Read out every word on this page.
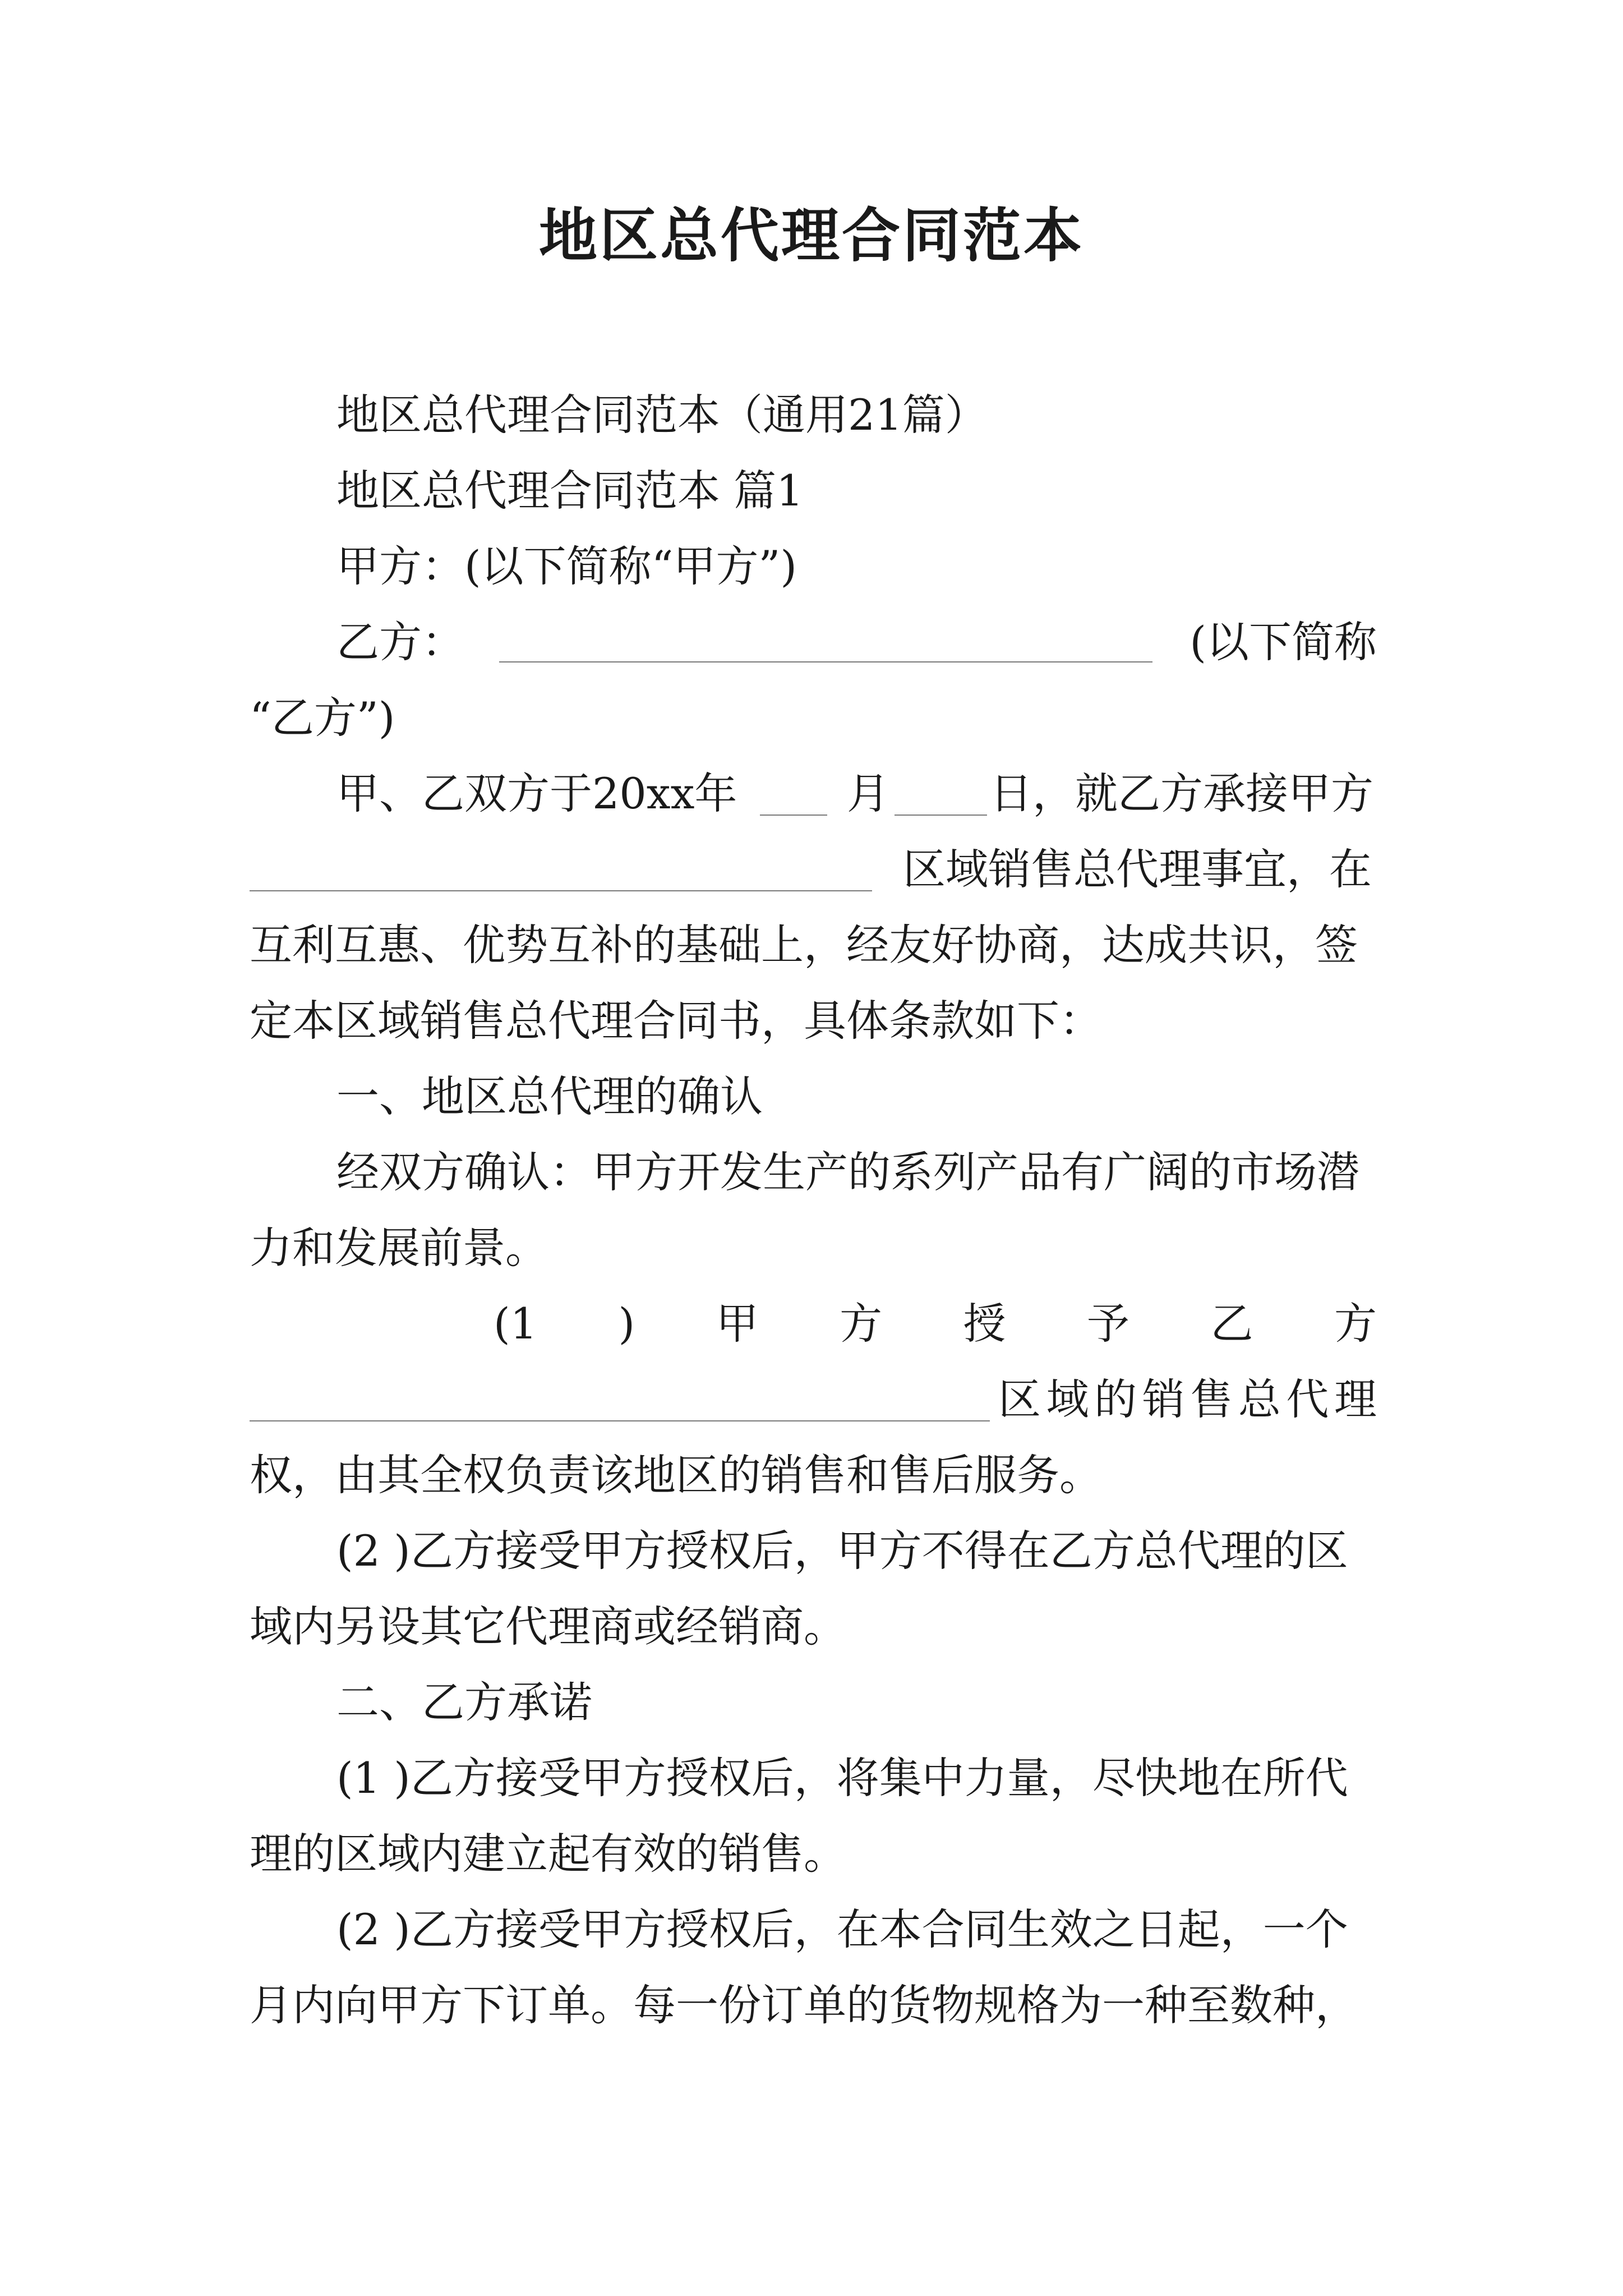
地区总代理合同范本
地区总代理合同范本（通用21篇）
地区总代理合同范本 篇1
甲方：(以下简称“甲方”)
乙方：	(以下简称
“乙方”)
甲、乙双方于20xx年	月 日，就乙方承接甲方
区域销售总代理事宜，在
互利互惠、优势互补的基础上，经友好协商，达成共识，签
定本区域销售总代理合同书，具体条款如下：
一、地区总代理的确认
经双方确认：甲方开发生产的系列产品有广阔的市场潜
力和发展前景。
(1 ) 甲 方 授 予 乙 方
区域的销售总代理
权，由其全权负责该地区的销售和售后服务。
(2 )乙方接受甲方授权后，甲方不得在乙方总代理的区
域内另设其它代理商或经销商。
二、乙方承诺
(1 )乙方接受甲方授权后，将集中力量，尽快地在所代
理的区域内建立起有效的销售。
(2 )乙方接受甲方授权后，在本合同生效之日起，一个
月内向甲方下订单。每一份订单的货物规格为一种至数种，
